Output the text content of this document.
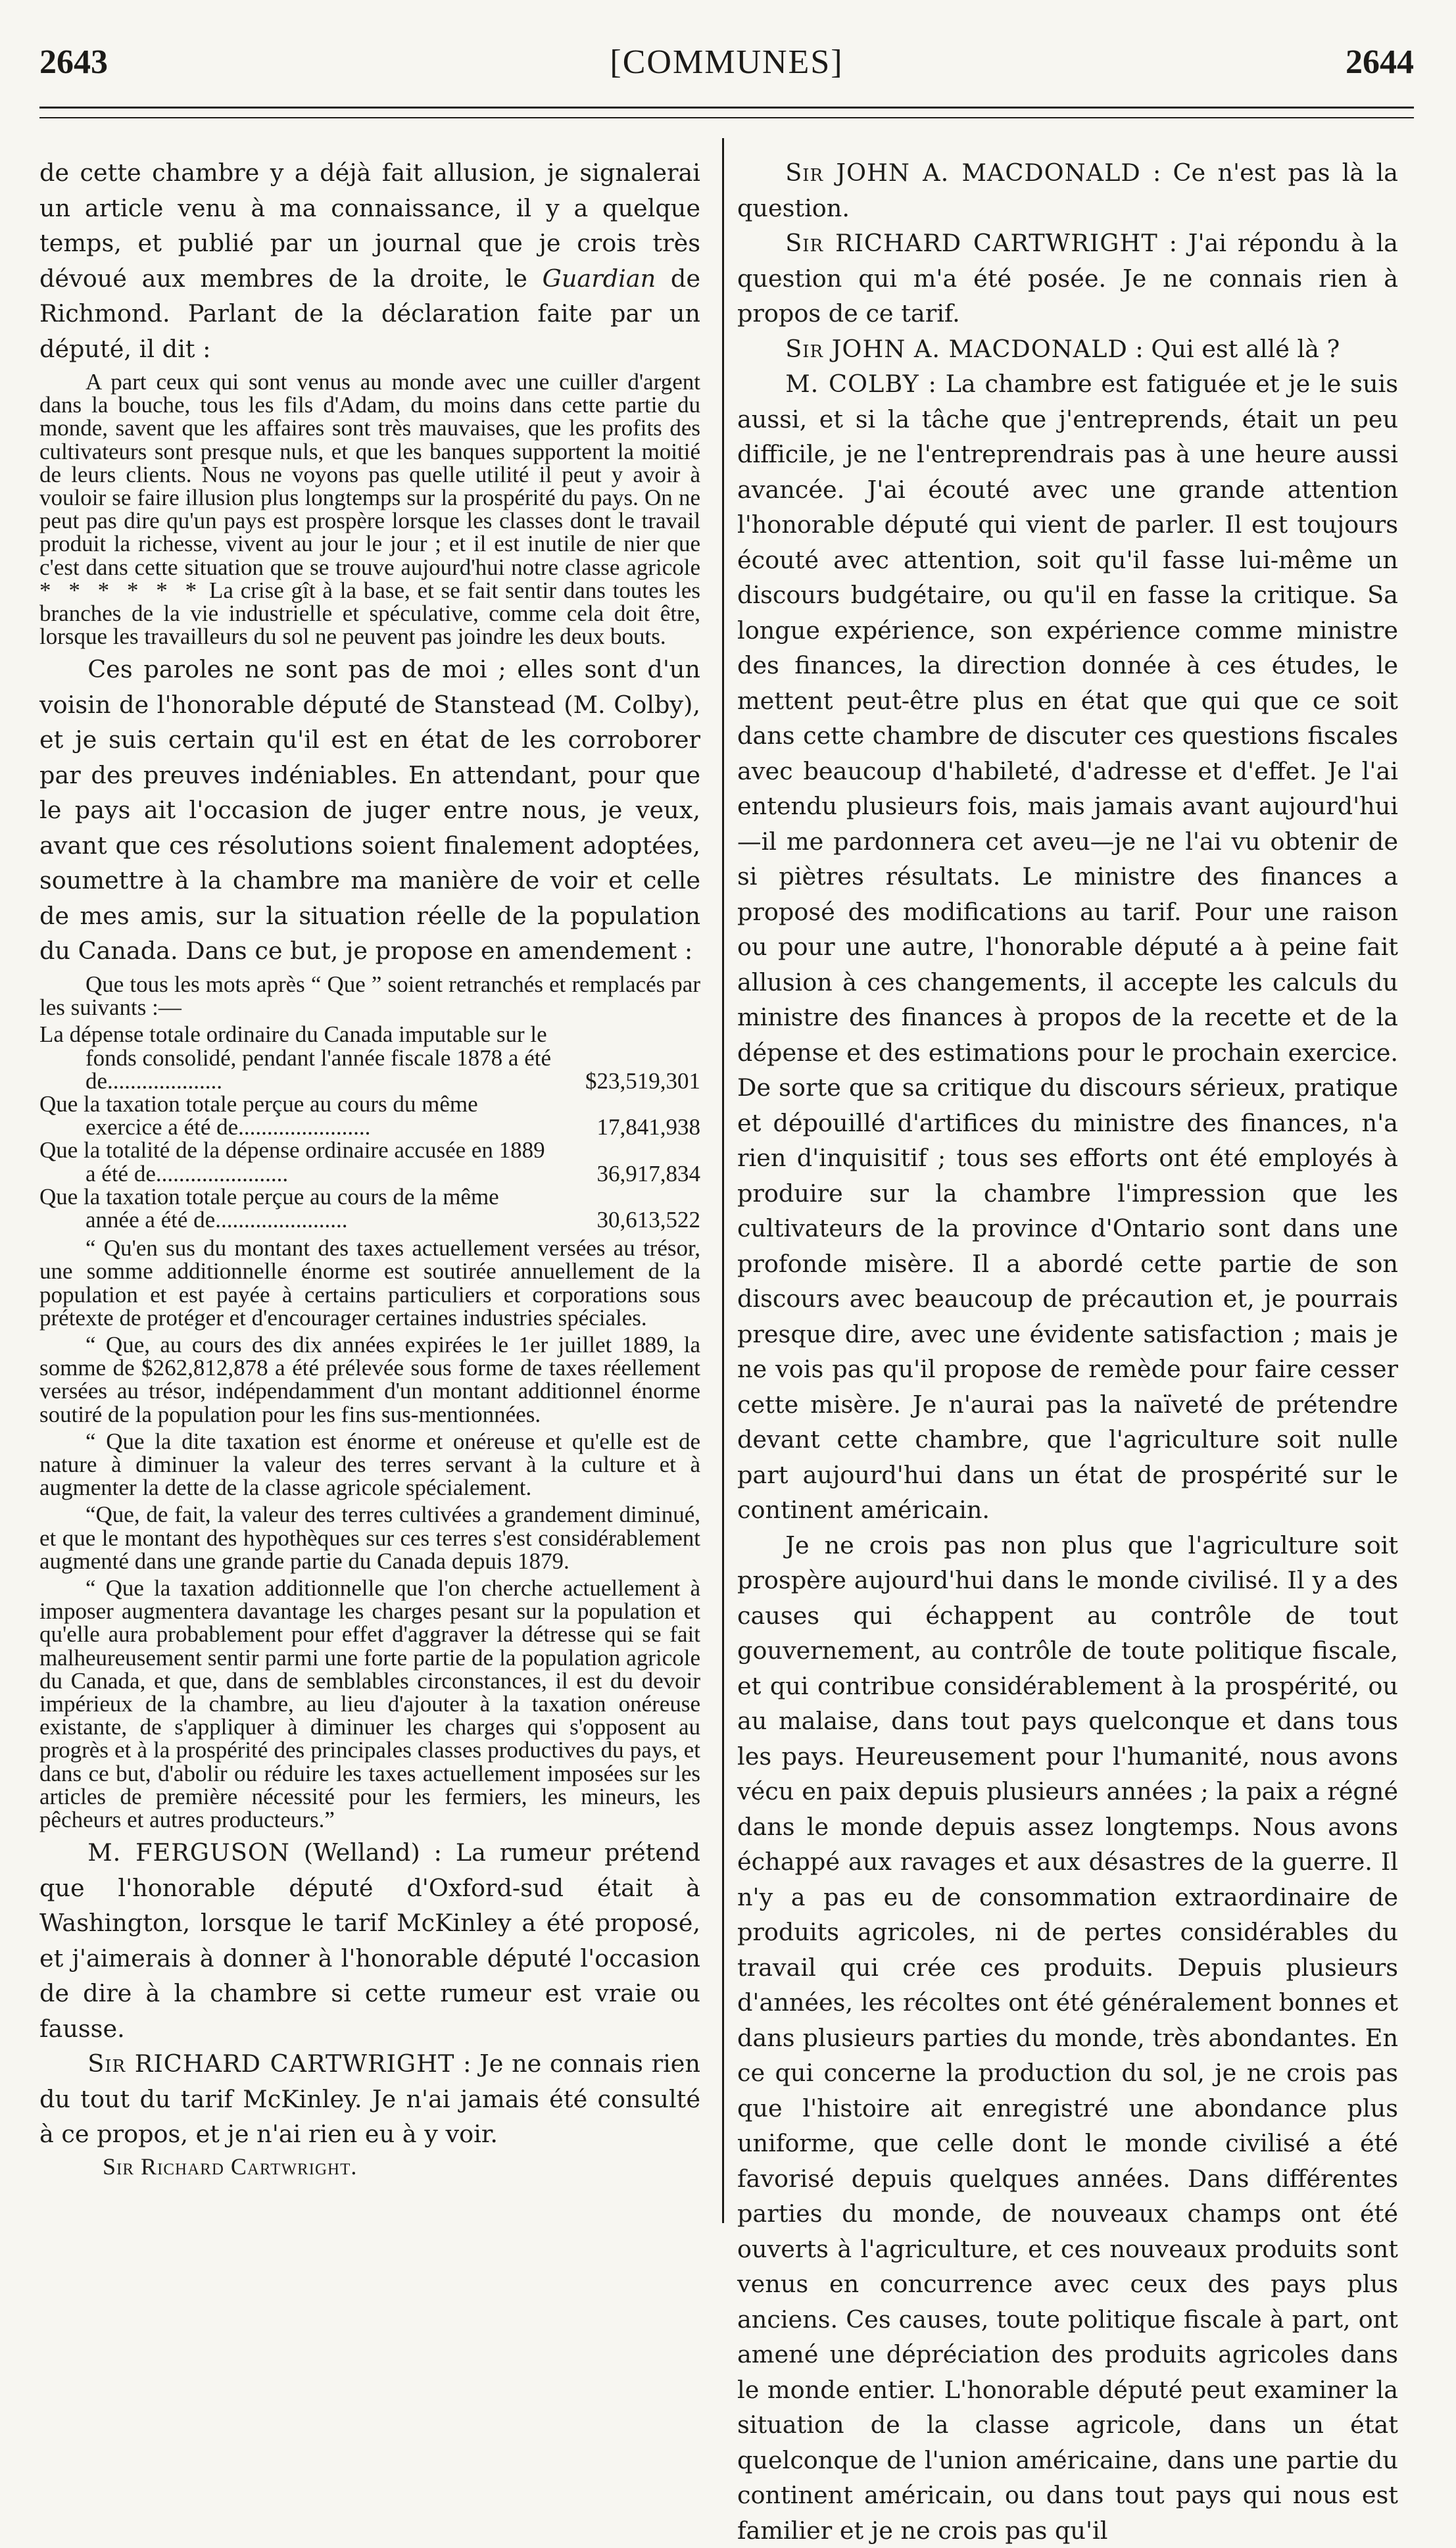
2643	[COMMUNES]	2644

de cette chambre y a déjà fait allusion, je signalerai un article venu à ma connaissance, il y a quelque temps, et publié par un journal que je crois très dévoué aux membres de la droite, le Guardian de Richmond. Parlant de la déclaration faite par un député, il dit :

A part ceux qui sont venus au monde avec une cuiller d'argent dans la bouche, tous les fils d'Adam, du moins dans cette partie du monde, savent que les affaires sont très mauvaises, que les profits des cultivateurs sont presque nuls, et que les banques supportent la moitié de leurs clients. Nous ne voyons pas quelle utilité il peut y avoir à vouloir se faire illusion plus longtemps sur la prospérité du pays. On ne peut pas dire qu'un pays est prospère lorsque les classes dont le travail produit la richesse, vivent au jour le jour ; et il est inutile de nier que c'est dans cette situation que se trouve aujourd'hui notre classe agricole * * * * * * La crise gît à la base, et se fait sentir dans toutes les branches de la vie industrielle et spéculative, comme cela doit être, lorsque les travailleurs du sol ne peuvent pas joindre les deux bouts.

Ces paroles ne sont pas de moi ; elles sont d'un voisin de l'honorable député de Stanstead (M. Colby), et je suis certain qu'il est en état de les corroborer par des preuves indéniables. En attendant, pour que le pays ait l'occasion de juger entre nous, je veux, avant que ces résolutions soient finalement adoptées, soumettre à la chambre ma manière de voir et celle de mes amis, sur la situation réelle de la population du Canada. Dans ce but, je propose en amendement :

Que tous les mots après “ Que ” soient retranchés et remplacés par les suivants :—

La dépense totale ordinaire du Canada imputable sur le fonds consolidé, pendant l'année fiscale 1878 a été de....................	$23,519,301
Que la taxation totale perçue au cours du même exercice a été de.......................	17,841,938
Que la totalité de la dépense ordinaire accusée en 1889 a été de.......................	36,917,834
Que la taxation totale perçue au cours de la même année a été de.......................	30,613,522

“ Qu'en sus du montant des taxes actuellement versées au trésor, une somme additionnelle énorme est soutirée annuellement de la population et est payée à certains particuliers et corporations sous prétexte de protéger et d'encourager certaines industries spéciales.

“ Que, au cours des dix années expirées le 1er juillet 1889, la somme de $262,812,878 a été prélevée sous forme de taxes réellement versées au trésor, indépendamment d'un montant additionnel énorme soutiré de la population pour les fins sus-mentionnées.

“ Que la dite taxation est énorme et onéreuse et qu'elle est de nature à diminuer la valeur des terres servant à la culture et à augmenter la dette de la classe agricole spécialement.

“Que, de fait, la valeur des terres cultivées a grandement diminué, et que le montant des hypothèques sur ces terres s'est considérablement augmenté dans une grande partie du Canada depuis 1879.

“ Que la taxation additionnelle que l'on cherche actuellement à imposer augmentera davantage les charges pesant sur la population et qu'elle aura probablement pour effet d'aggraver la détresse qui se fait malheureusement sentir parmi une forte partie de la population agricole du Canada, et que, dans de semblables circonstances, il est du devoir impérieux de la chambre, au lieu d'ajouter à la taxation onéreuse existante, de s'appliquer à diminuer les charges qui s'opposent au progrès et à la prospérité des principales classes productives du pays, et dans ce but, d'abolir ou réduire les taxes actuellement imposées sur les articles de première nécessité pour les fermiers, les mineurs, les pêcheurs et autres producteurs.”

M. FERGUSON (Welland) : La rumeur prétend que l'honorable député d'Oxford-sud était à Washington, lorsque le tarif McKinley a été proposé, et j'aimerais à donner à l'honorable député l'occasion de dire à la chambre si cette rumeur est vraie ou fausse.

Sir RICHARD CARTWRIGHT : Je ne connais rien du tout du tarif McKinley. Je n'ai jamais été consulté à ce propos, et je n'ai rien eu à y voir.

Sir Richard Cartwright.

Sir JOHN A. MACDONALD : Ce n'est pas là la question.

Sir RICHARD CARTWRIGHT : J'ai répondu à la question qui m'a été posée. Je ne connais rien à propos de ce tarif.

Sir JOHN A. MACDONALD : Qui est allé là ?

M. COLBY : La chambre est fatiguée et je le suis aussi, et si la tâche que j'entreprends, était un peu difficile, je ne l'entreprendrais pas à une heure aussi avancée. J'ai écouté avec une grande attention l'honorable député qui vient de parler. Il est toujours écouté avec attention, soit qu'il fasse lui-même un discours budgétaire, ou qu'il en fasse la critique. Sa longue expérience, son expérience comme ministre des finances, la direction donnée à ces études, le mettent peut-être plus en état que qui que ce soit dans cette chambre de discuter ces questions fiscales avec beaucoup d'habileté, d'adresse et d'effet. Je l'ai entendu plusieurs fois, mais jamais avant aujourd'hui—il me pardonnera cet aveu—je ne l'ai vu obtenir de si piètres résultats. Le ministre des finances a proposé des modifications au tarif. Pour une raison ou pour une autre, l'honorable député a à peine fait allusion à ces changements, il accepte les calculs du ministre des finances à propos de la recette et de la dépense et des estimations pour le prochain exercice. De sorte que sa critique du discours sérieux, pratique et dépouillé d'artifices du ministre des finances, n'a rien d'inquisitif ; tous ses efforts ont été employés à produire sur la chambre l'impression que les cultivateurs de la province d'Ontario sont dans une profonde misère. Il a abordé cette partie de son discours avec beaucoup de précaution et, je pourrais presque dire, avec une évidente satisfaction ; mais je ne vois pas qu'il propose de remède pour faire cesser cette misère. Je n'aurai pas la naïveté de prétendre devant cette chambre, que l'agriculture soit nulle part aujourd'hui dans un état de prospérité sur le continent américain.

Je ne crois pas non plus que l'agriculture soit prospère aujourd'hui dans le monde civilisé. Il y a des causes qui échappent au contrôle de tout gouvernement, au contrôle de toute politique fiscale, et qui contribue considérablement à la prospérité, ou au malaise, dans tout pays quelconque et dans tous les pays. Heureusement pour l'humanité, nous avons vécu en paix depuis plusieurs années ; la paix a régné dans le monde depuis assez longtemps. Nous avons échappé aux ravages et aux désastres de la guerre. Il n'y a pas eu de consommation extraordinaire de produits agricoles, ni de pertes considérables du travail qui crée ces produits. Depuis plusieurs d'années, les récoltes ont été généralement bonnes et dans plusieurs parties du monde, très abondantes. En ce qui concerne la production du sol, je ne crois pas que l'histoire ait enregistré une abondance plus uniforme, que celle dont le monde civilisé a été favorisé depuis quelques années. Dans différentes parties du monde, de nouveaux champs ont été ouverts à l'agriculture, et ces nouveaux produits sont venus en concurrence avec ceux des pays plus anciens. Ces causes, toute politique fiscale à part, ont amené une dépréciation des produits agricoles dans le monde entier. L'honorable député peut examiner la situation de la classe agricole, dans un état quelconque de l'union américaine, dans une partie du continent américain, ou dans tout pays qui nous est familier et je ne crois pas qu'il
